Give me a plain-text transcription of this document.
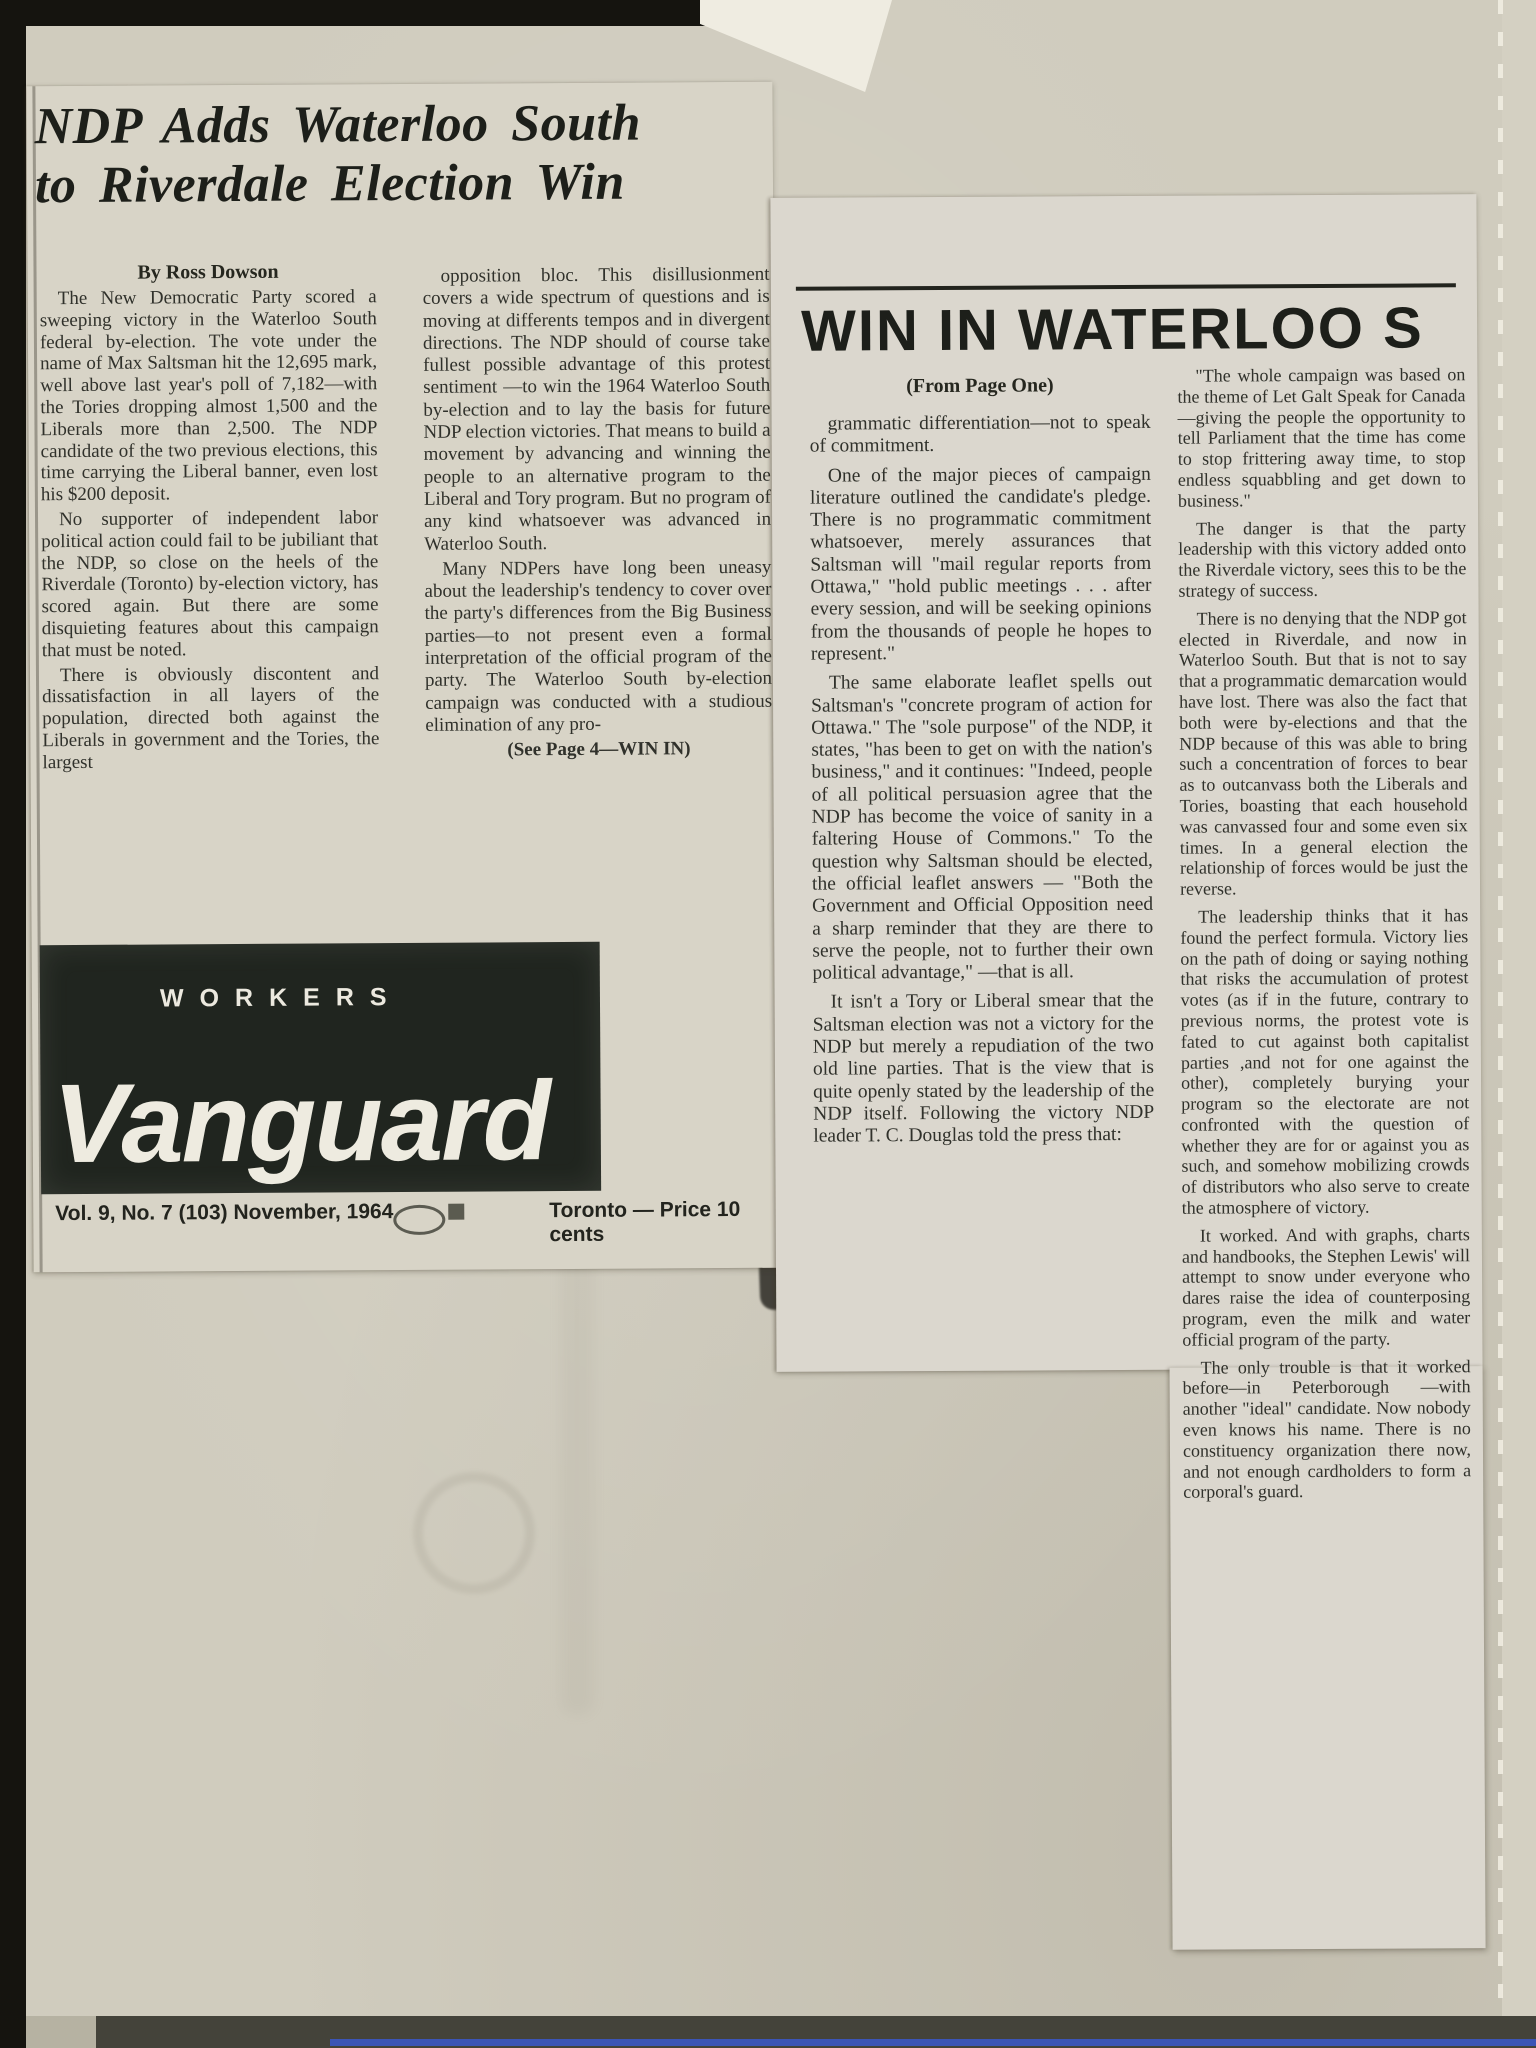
NDP Adds Waterloo South
to Riverdale Election Win
By Ross Dowson

The New Democratic Party scored a sweeping victory in the Waterloo South federal by-election. The vote under the name of Max Saltsman hit the 12,695 mark, well above last year's poll of 7,182—with the Tories dropping almost 1,500 and the Liberals more than 2,500. The NDP candidate of the two previous elections, this time carrying the Liberal banner, even lost his $200 deposit.

No supporter of independent labor political action could fail to be jubiliant that the NDP, so close on the heels of the Riverdale (Toronto) by-election victory, has scored again. But there are some disquieting features about this campaign that must be noted.

There is obviously discontent and dissatisfaction in all layers of the population, directed both against the Liberals in government and the Tories, the largest

opposition bloc. This disillusionment covers a wide spectrum of questions and is moving at differents tempos and in divergent directions. The NDP should of course take fullest possible advantage of this protest sentiment —to win the 1964 Waterloo South by-election and to lay the basis for future NDP election victories. That means to build a movement by advancing and winning the people to an alternative program to the Liberal and Tory program. But no program of any kind whatsoever was advanced in Waterloo South.

Many NDPers have long been uneasy about the leadership's tendency to cover over the party's differences from the Big Business parties—to not present even a formal interpretation of the official program of the party. The Waterloo South by-election campaign was conducted with a studious elimination of any pro-

(See Page 4—WIN IN)
WORKERS
Vanguard
Vol. 9, No. 7 (103) November, 1964	Toronto — Price 10 cents
WIN IN WATERLOO S
(From Page One)

grammatic differentiation—not to speak of commitment.

One of the major pieces of campaign literature outlined the candidate's pledge. There is no programmatic commitment whatsoever, merely assurances that Saltsman will "mail regular reports from Ottawa," "hold public meetings . . . after every session, and will be seeking opinions from the thousands of people he hopes to represent."

The same elaborate leaflet spells out Saltsman's "concrete program of action for Ottawa." The "sole purpose" of the NDP, it states, "has been to get on with the nation's business," and it continues: "Indeed, people of all political persuasion agree that the NDP has become the voice of sanity in a faltering House of Commons." To the question why Saltsman should be elected, the official leaflet answers — "Both the Government and Official Opposition need a sharp reminder that they are there to serve the people, not to further their own political advantage," —that is all.

It isn't a Tory or Liberal smear that the Saltsman election was not a victory for the NDP but merely a repudiation of the two old line parties. That is the view that is quite openly stated by the leadership of the NDP itself. Following the victory NDP leader T. C. Douglas told the press that:

"The whole campaign was based on the theme of Let Galt Speak for Canada—giving the people the opportunity to tell Parliament that the time has come to stop frittering away time, to stop endless squabbling and get down to business."

The danger is that the party leadership with this victory added onto the Riverdale victory, sees this to be the strategy of success.

There is no denying that the NDP got elected in Riverdale, and now in Waterloo South. But that is not to say that a programmatic demarcation would have lost. There was also the fact that both were by-elections and that the NDP because of this was able to bring such a concentration of forces to bear as to outcanvass both the Liberals and Tories, boasting that each household was canvassed four and some even six times. In a general election the relationship of forces would be just the reverse.

The leadership thinks that it has found the perfect formula. Victory lies on the path of doing or saying nothing that risks the accumulation of protest votes (as if in the future, contrary to previous norms, the protest vote is fated to cut against both capitalist parties ,and not for one against the other), completely burying your program so the electorate are not confronted with the question of whether they are for or against you as such, and somehow mobilizing crowds of distributors who also serve to create the atmosphere of victory.

It worked. And with graphs, charts and handbooks, the Stephen Lewis' will attempt to snow under everyone who dares raise the idea of counterposing program, even the milk and water official program of the party.

The only trouble is that it worked before—in Peterborough —with another "ideal" candidate. Now nobody even knows his name. There is no constituency organization there now, and not enough cardholders to form a corporal's guard.
